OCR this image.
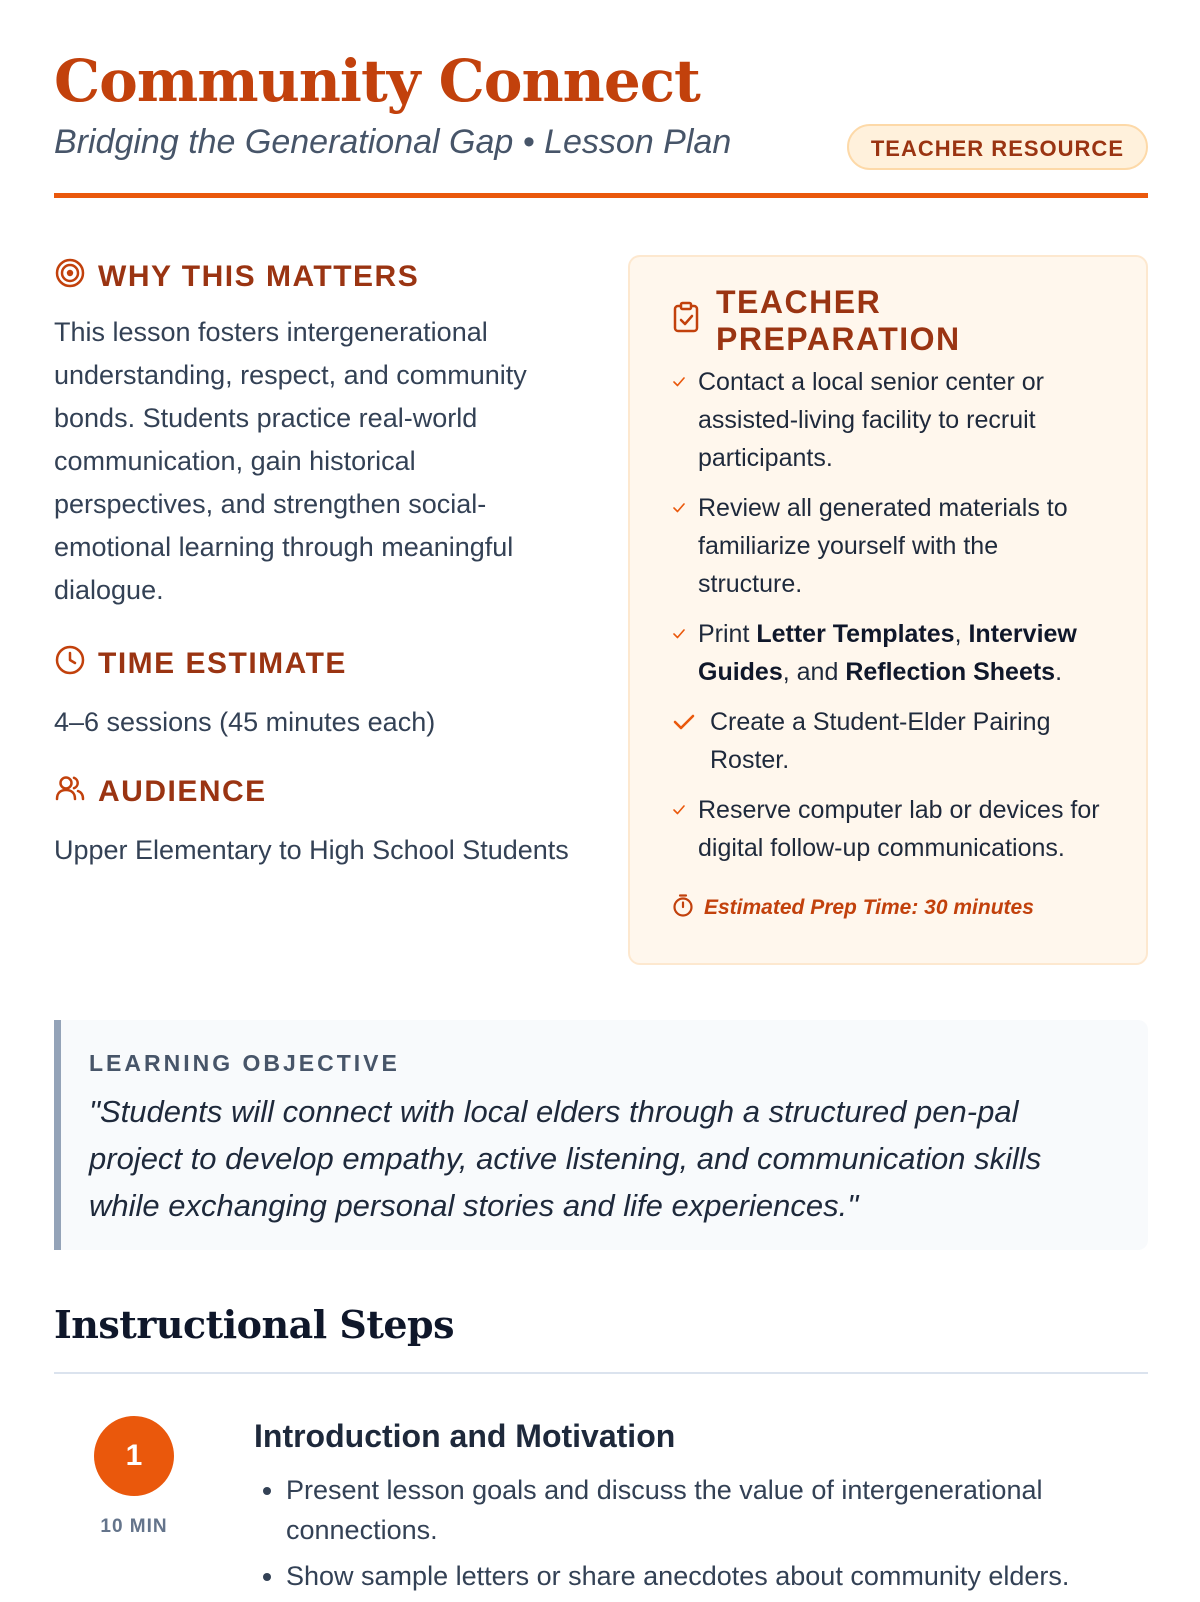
Community Connect
Bridging the Generational Gap • Lesson Plan	TEACHER RESOURCE
WHY THIS MATTERS

This lesson fosters intergenerational understanding, respect, and community bonds. Students practice real-world communication, gain historical perspectives, and strengthen social-emotional learning through meaningful dialogue.

TIME ESTIMATE

4–6 sessions (45 minutes each)

AUDIENCE

Upper Elementary to High School Students

TEACHER PREPARATION
Contact a local senior center or assisted-living facility to recruit participants.
Review all generated materials to familiarize yourself with the structure.
Print Letter Templates, Interview Guides, and Reflection Sheets.
Create a Student-Elder Pairing Roster.
Reserve computer lab or devices for digital follow-up communications.
Estimated Prep Time: 30 minutes

LEARNING OBJECTIVE

"Students will connect with local elders through a structured pen-pal project to develop empathy, active listening, and communication skills while exchanging personal stories and life experiences."

Instructional Steps
1
10 MIN
Introduction and Motivation
• Present lesson goals and discuss the value of intergenerational connections.
• Show sample letters or share anecdotes about community elders.
